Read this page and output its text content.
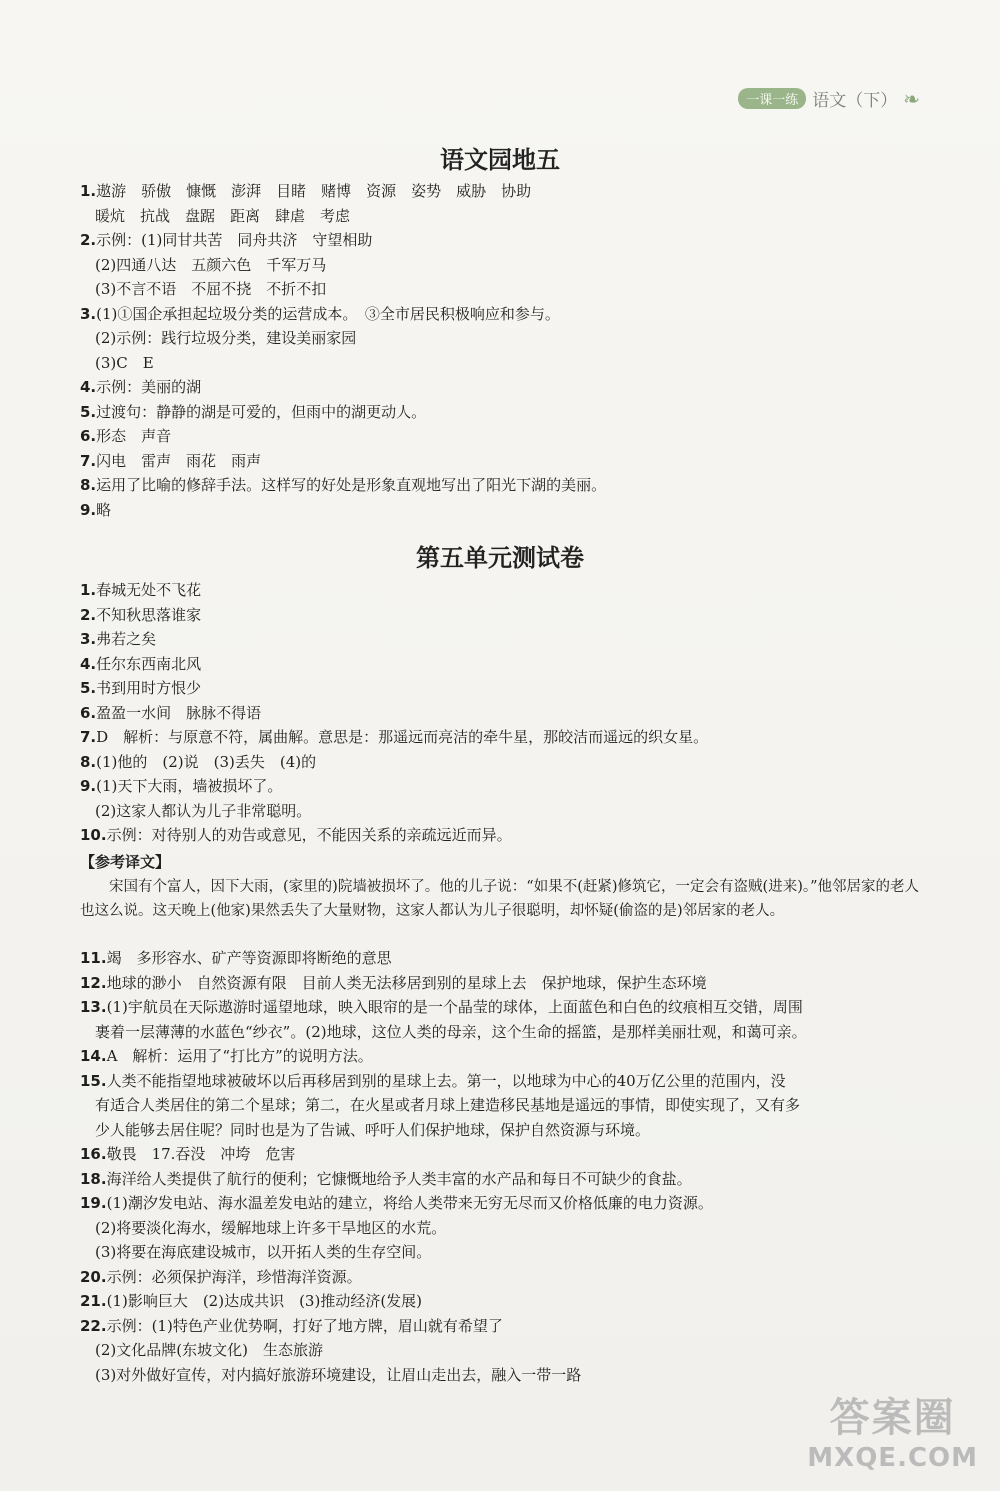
一课一练 语文（下） ❧
语文园地五
1.遨游　骄傲　慷慨　澎湃　目睹　赌博　资源　姿势　威胁　协助
　暖炕　抗战　盘踞　距离　肆虐　考虑
2.示例：(1)同甘共苦　同舟共济　守望相助
　(2)四通八达　五颜六色　千军万马
　(3)不言不语　不屈不挠　不折不扣
3.(1)①国企承担起垃圾分类的运营成本。　③全市居民积极响应和参与。
　(2)示例：践行垃圾分类，建设美丽家园
　(3)C　E
4.示例：美丽的湖
5.过渡句：静静的湖是可爱的，但雨中的湖更动人。
6.形态　声音
7.闪电　雷声　雨花　雨声
8.运用了比喻的修辞手法。这样写的好处是形象直观地写出了阳光下湖的美丽。
9.略
第五单元测试卷
1.春城无处不飞花
2.不知秋思落谁家
3.弗若之矣
4.任尔东西南北风
5.书到用时方恨少
6.盈盈一水间　脉脉不得语
7.D　解析：与原意不符，属曲解。意思是：那遥远而亮洁的牵牛星，那皎洁而遥远的织女星。
8.(1)他的　(2)说　(3)丢失　(4)的
9.(1)天下大雨，墙被损坏了。
　(2)这家人都认为儿子非常聪明。
10.示例：对待别人的劝告或意见，不能因关系的亲疏远近而异。
【参考译文】
宋国有个富人，因下大雨，(家里的)院墙被损坏了。他的儿子说：“如果不(赶紧)修筑它，一定会有盗贼(进来)。”他邻居家的老人也这么说。这天晚上(他家)果然丢失了大量财物，这家人都认为儿子很聪明，却怀疑(偷盗的是)邻居家的老人。
11.竭　多形容水、矿产等资源即将断绝的意思
12.地球的渺小　自然资源有限　目前人类无法移居到别的星球上去　保护地球，保护生态环境
13.(1)宇航员在天际遨游时遥望地球，映入眼帘的是一个晶莹的球体，上面蓝色和白色的纹痕相互交错，周围
　裹着一层薄薄的水蓝色“纱衣”。(2)地球，这位人类的母亲，这个生命的摇篮，是那样美丽壮观，和蔼可亲。
14.A　解析：运用了“打比方”的说明方法。
15.人类不能指望地球被破坏以后再移居到别的星球上去。第一，以地球为中心的40万亿公里的范围内，没
　有适合人类居住的第二个星球；第二，在火星或者月球上建造移民基地是遥远的事情，即使实现了，又有多
　少人能够去居住呢？同时也是为了告诫、呼吁人们保护地球，保护自然资源与环境。
16.敬畏　17.吞没　冲垮　危害
18.海洋给人类提供了航行的便利；它慷慨地给予人类丰富的水产品和每日不可缺少的食盐。
19.(1)潮汐发电站、海水温差发电站的建立，将给人类带来无穷无尽而又价格低廉的电力资源。
　(2)将要淡化海水，缓解地球上许多干旱地区的水荒。
　(3)将要在海底建设城市，以开拓人类的生存空间。
20.示例：必须保护海洋，珍惜海洋资源。
21.(1)影响巨大　(2)达成共识　(3)推动经济(发展)
22.示例：(1)特色产业优势啊，打好了地方牌，眉山就有希望了
　(2)文化品牌(东坡文化)　生态旅游
　(3)对外做好宣传，对内搞好旅游环境建设，让眉山走出去，融入一带一路
答案圈
MXQE.COM
